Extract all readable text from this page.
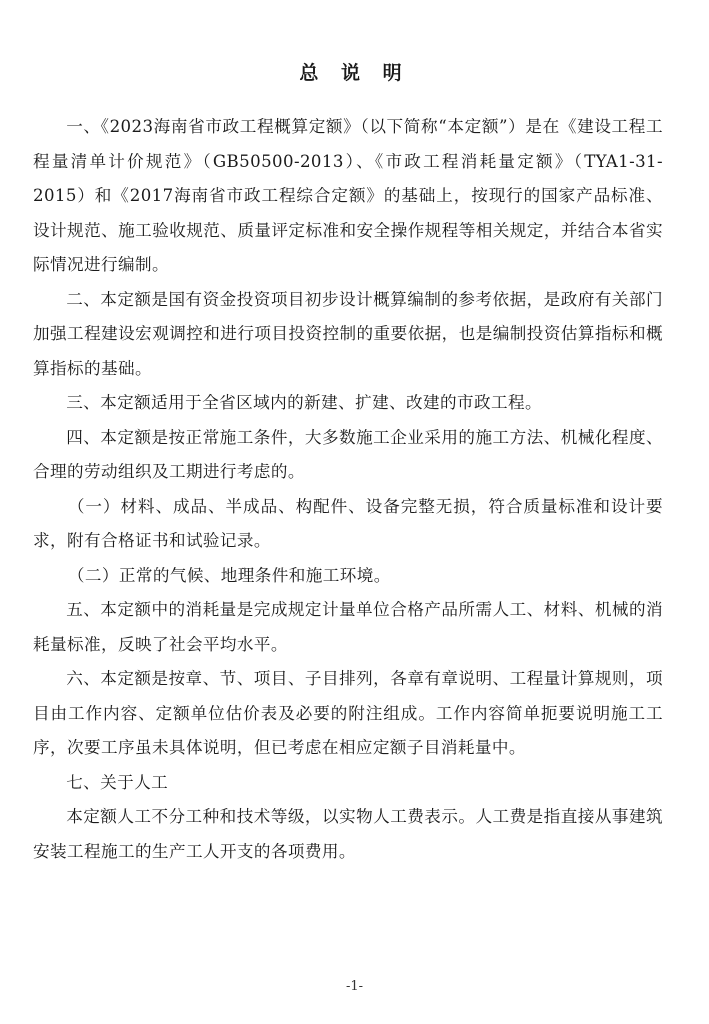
总 说 明

一、《2023海南省市政工程概算定额》（以下简称“本定额”）是在《建设工程工程量清单计价规范》（GB50500-2013）、《市政工程消耗量定额》（TYA1-31-2015）和《2017海南省市政工程综合定额》的基础上，按现行的国家产品标准、设计规范、施工验收规范、质量评定标准和安全操作规程等相关规定，并结合本省实际情况进行编制。

二、本定额是国有资金投资项目初步设计概算编制的参考依据，是政府有关部门加强工程建设宏观调控和进行项目投资控制的重要依据，也是编制投资估算指标和概算指标的基础。

三、本定额适用于全省区域内的新建、扩建、改建的市政工程。

四、本定额是按正常施工条件，大多数施工企业采用的施工方法、机械化程度、合理的劳动组织及工期进行考虑的。

（一）材料、成品、半成品、构配件、设备完整无损，符合质量标准和设计要求，附有合格证书和试验记录。

（二）正常的气候、地理条件和施工环境。

五、本定额中的消耗量是完成规定计量单位合格产品所需人工、材料、机械的消耗量标准，反映了社会平均水平。

六、本定额是按章、节、项目、子目排列，各章有章说明、工程量计算规则，项目由工作内容、定额单位估价表及必要的附注组成。工作内容简单扼要说明施工工序，次要工序虽未具体说明，但已考虑在相应定额子目消耗量中。

七、关于人工

本定额人工不分工种和技术等级，以实物人工费表示。人工费是指直接从事建筑安装工程施工的生产工人开支的各项费用。

-1-
